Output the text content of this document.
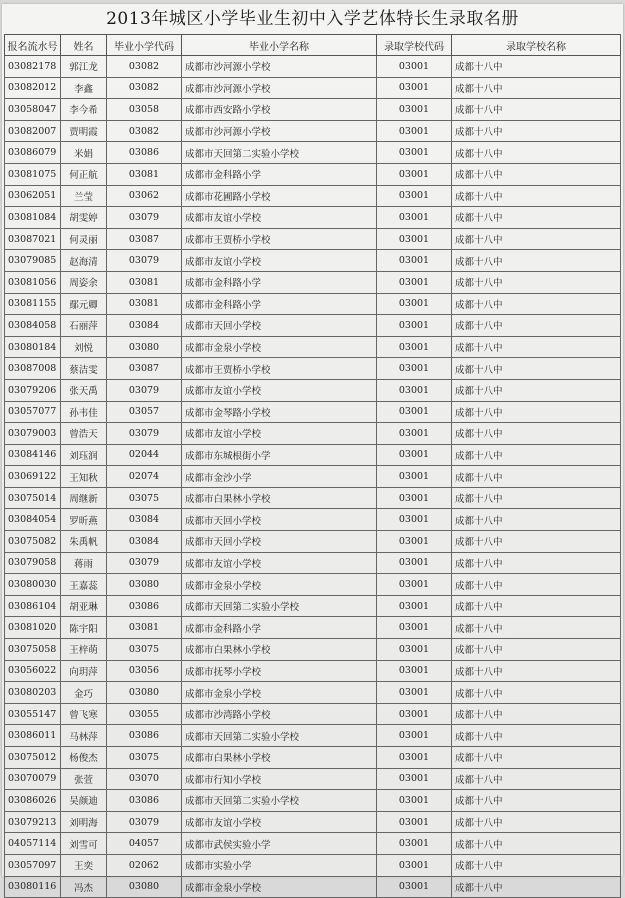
2013年城区小学毕业生初中入学艺体特长生录取名册
报名流水号	姓名	毕业小学代码	毕业小学名称	录取学校代码	录取学校名称
03082178	郭江龙	03082	成都市沙河源小学校	03001	成都十八中
03082012	李鑫	03082	成都市沙河源小学校	03001	成都十八中
03058047	李今希	03058	成都市西安路小学校	03001	成都十八中
03082007	贾明霞	03082	成都市沙河源小学校	03001	成都十八中
03086079	米娟	03086	成都市天回第二实验小学校	03001	成都十八中
03081075	何正航	03081	成都市金科路小学	03001	成都十八中
03062051	兰莹	03062	成都市花圃路小学校	03001	成都十八中
03081084	胡雯婷	03079	成都市友谊小学校	03001	成都十八中
03087021	何灵丽	03087	成都市王贾桥小学校	03001	成都十八中
03079085	赵海清	03079	成都市友谊小学校	03001	成都十八中
03081056	周姿余	03081	成都市金科路小学	03001	成都十八中
03081155	鄢元卿	03081	成都市金科路小学	03001	成都十八中
03084058	石丽萍	03084	成都市天回小学校	03001	成都十八中
03080184	刘悦	03080	成都市金泉小学校	03001	成都十八中
03087008	蔡洁雯	03087	成都市王贾桥小学校	03001	成都十八中
03079206	张天禹	03079	成都市友谊小学校	03001	成都十八中
03057077	孙韦佳	03057	成都市金琴路小学校	03001	成都十八中
03079003	曾浩天	03079	成都市友谊小学校	03001	成都十八中
03084146	刘珏润	02044	成都市东城根街小学	03001	成都十八中
03069122	王知秋	02074	成都市金沙小学	03001	成都十八中
03075014	周继新	03075	成都市白果林小学校	03001	成都十八中
03084054	罗昕燕	03084	成都市天回小学校	03001	成都十八中
03075082	朱禹帆	03084	成都市天回小学校	03001	成都十八中
03079058	蒋雨	03079	成都市友谊小学校	03001	成都十八中
03080030	王嘉蕊	03080	成都市金泉小学校	03001	成都十八中
03086104	胡亚琳	03086	成都市天回第二实验小学校	03001	成都十八中
03081020	陈宇阳	03081	成都市金科路小学	03001	成都十八中
03075058	王梓萌	03075	成都市白果林小学校	03001	成都十八中
03056022	向玥萍	03056	成都市抚琴小学校	03001	成都十八中
03080203	金巧	03080	成都市金泉小学校	03001	成都十八中
03055147	曾飞寒	03055	成都市沙湾路小学校	03001	成都十八中
03086011	马林萍	03086	成都市天回第二实验小学校	03001	成都十八中
03075012	杨俊杰	03075	成都市白果林小学校	03001	成都十八中
03070079	张萱	03070	成都市行知小学校	03001	成都十八中
03086026	吴颜迪	03086	成都市天回第二实验小学校	03001	成都十八中
03079213	刘明海	03079	成都市友谊小学校	03001	成都十八中
04057114	刘雪可	04057	成都市武侯实验小学	03001	成都十八中
03057097	王奕	02062	成都市实验小学	03001	成都十八中
03080116	冯杰	03080	成都市金泉小学校	03001	成都十八中
